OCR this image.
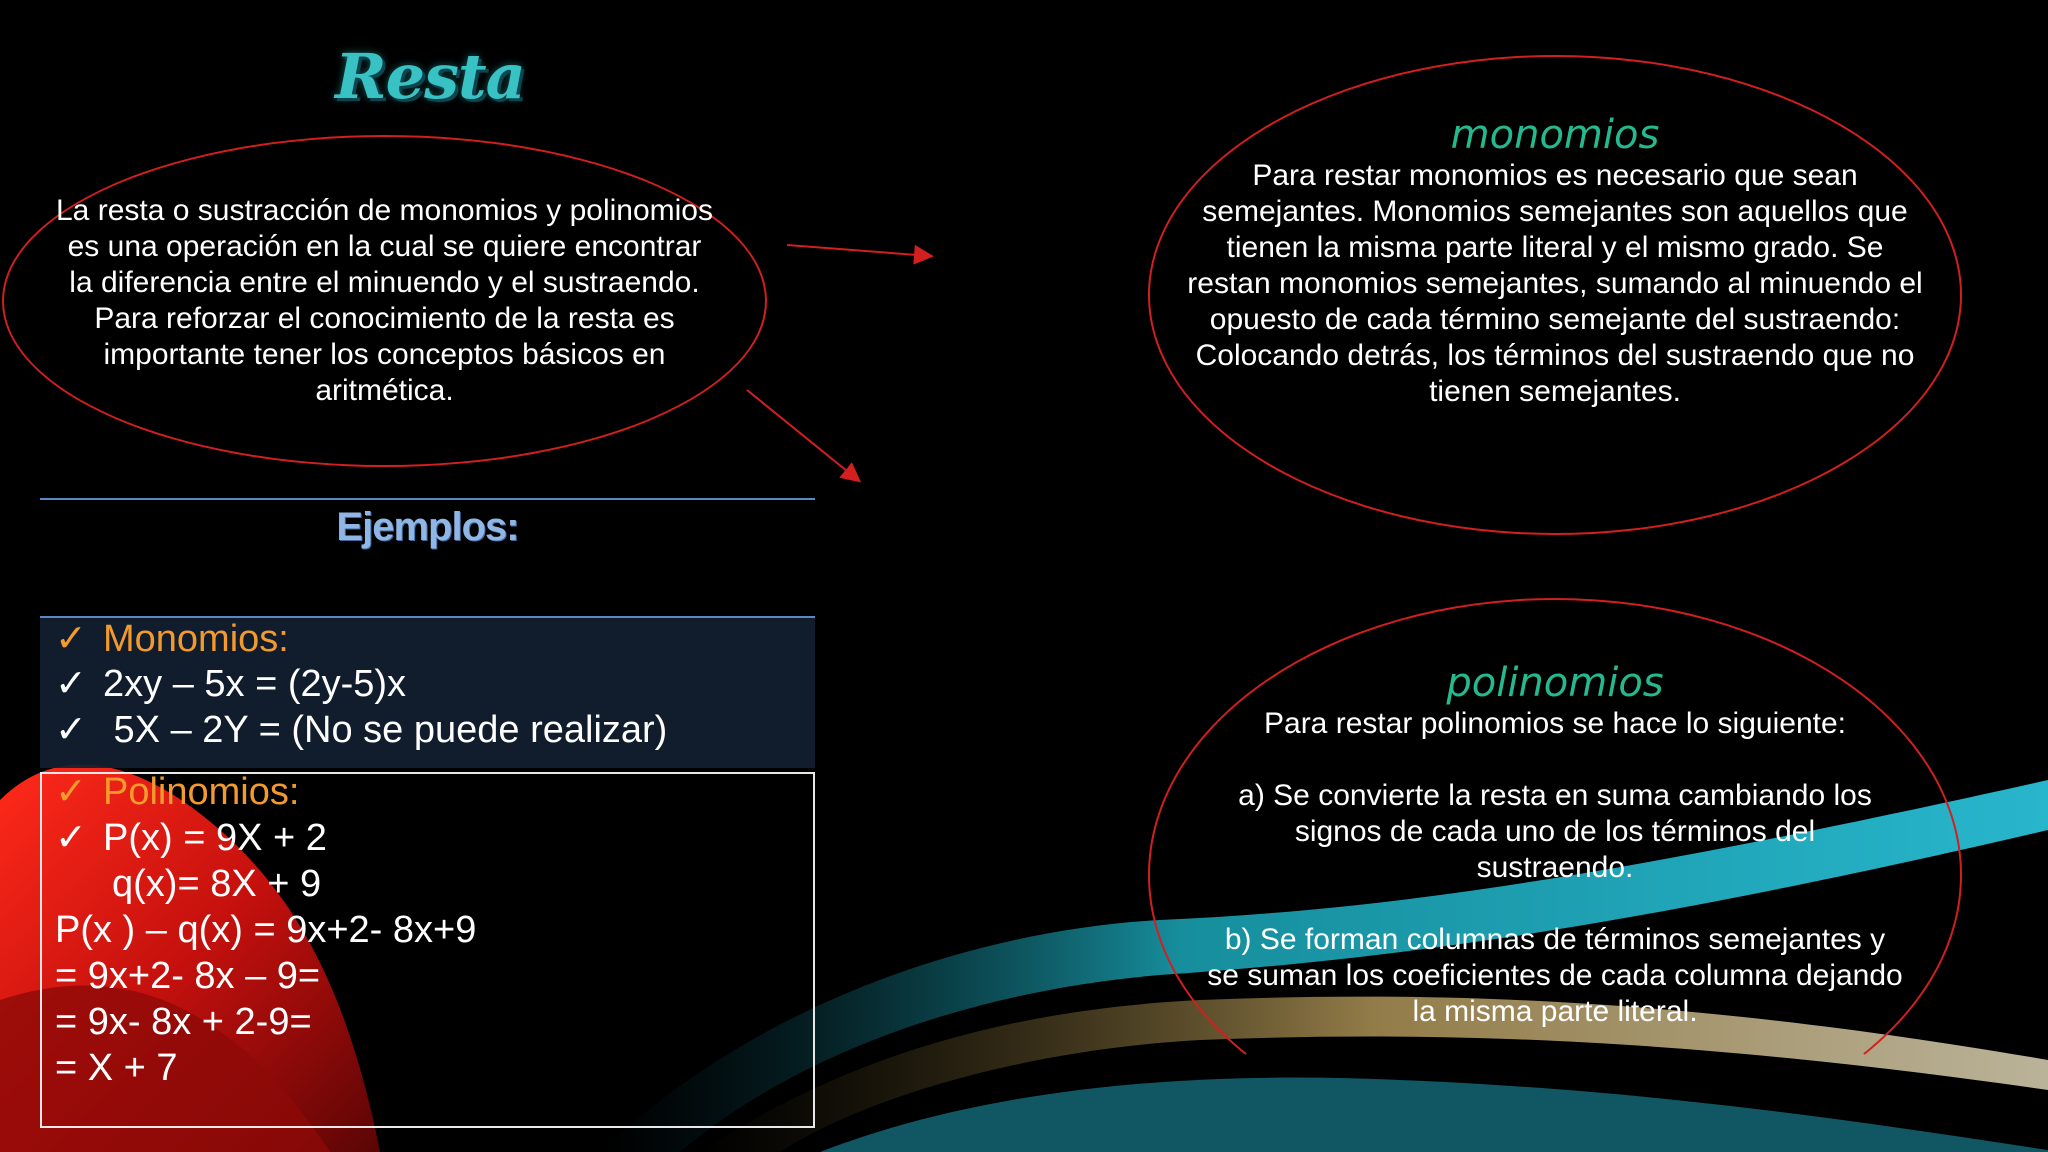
Resta

La resta o sustracción de monomios y polinomios es una operación en la cual se quiere encontrar la diferencia entre el minuendo y el sustraendo. Para reforzar el conocimiento de la resta es importante tener los conceptos básicos en aritmética.

monomios

Para restar monomios es necesario que sean semejantes. Monomios semejantes son aquellos que tienen la misma parte literal y el mismo grado. Se restan monomios semejantes, sumando al minuendo el opuesto de cada término semejante del sustraendo: Colocando detrás, los términos del sustraendo que no tienen semejantes.

polinomios

Para restar polinomios se hace lo siguiente:

a) Se convierte la resta en suma cambiando los signos de cada uno de los términos del sustraendo.

b) Se forman columnas de términos semejantes y se suman los coeficientes de cada columna dejando la misma parte literal.

Ejemplos:
✓ Monomios:
✓ 2xy – 5x = (2y-5)x
✓ 5X – 2Y = (No se puede realizar)
✓ Polinomios:
✓ P(x) = 9X + 2
q(x)= 8X + 9
P(x ) – q(x) = 9x+2- 8x+9
= 9x+2- 8x – 9=
= 9x- 8x + 2-9=
= X + 7
